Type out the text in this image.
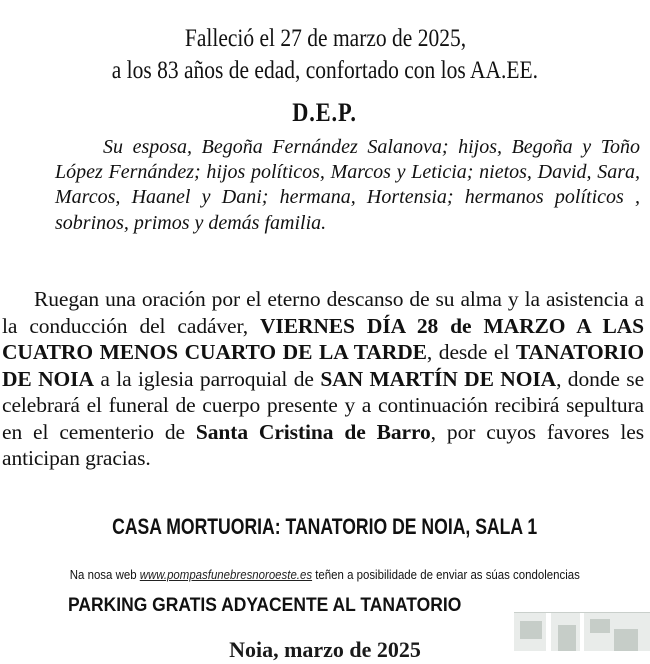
Falleció el 27 de marzo de 2025,
a los 83 años de edad, confortado con los AA.EE.
D.E.P.

Su esposa, Begoña Fernández Salanova; hijos, Begoña y Toño López Fernández; hijos políticos, Marcos y Leticia; nietos, David, Sara, Marcos, Haanel y Dani; hermana, Hortensia; hermanos políticos , sobrinos, primos y demás familia.

Ruegan una oración por el eterno descanso de su alma y la asistencia a la conducción del cadáver, VIERNES DÍA 28 de MARZO A LAS CUATRO MENOS CUARTO DE LA TARDE, desde el TANATORIO DE NOIA a la iglesia parroquial de SAN MARTÍN DE NOIA, donde se celebrará el funeral de cuerpo presente y a continuación recibirá sepultura en el cementerio de Santa Cristina de Barro, por cuyos favores les anticipan gracias.

CASA MORTUORIA: TANATORIO DE NOIA, SALA 1
Na nosa web www.pompasfunebresnoroeste.es teñen a posibilidade de enviar as súas condolencias
PARKING GRATIS ADYACENTE AL TANATORIO
Noia, marzo de 2025
